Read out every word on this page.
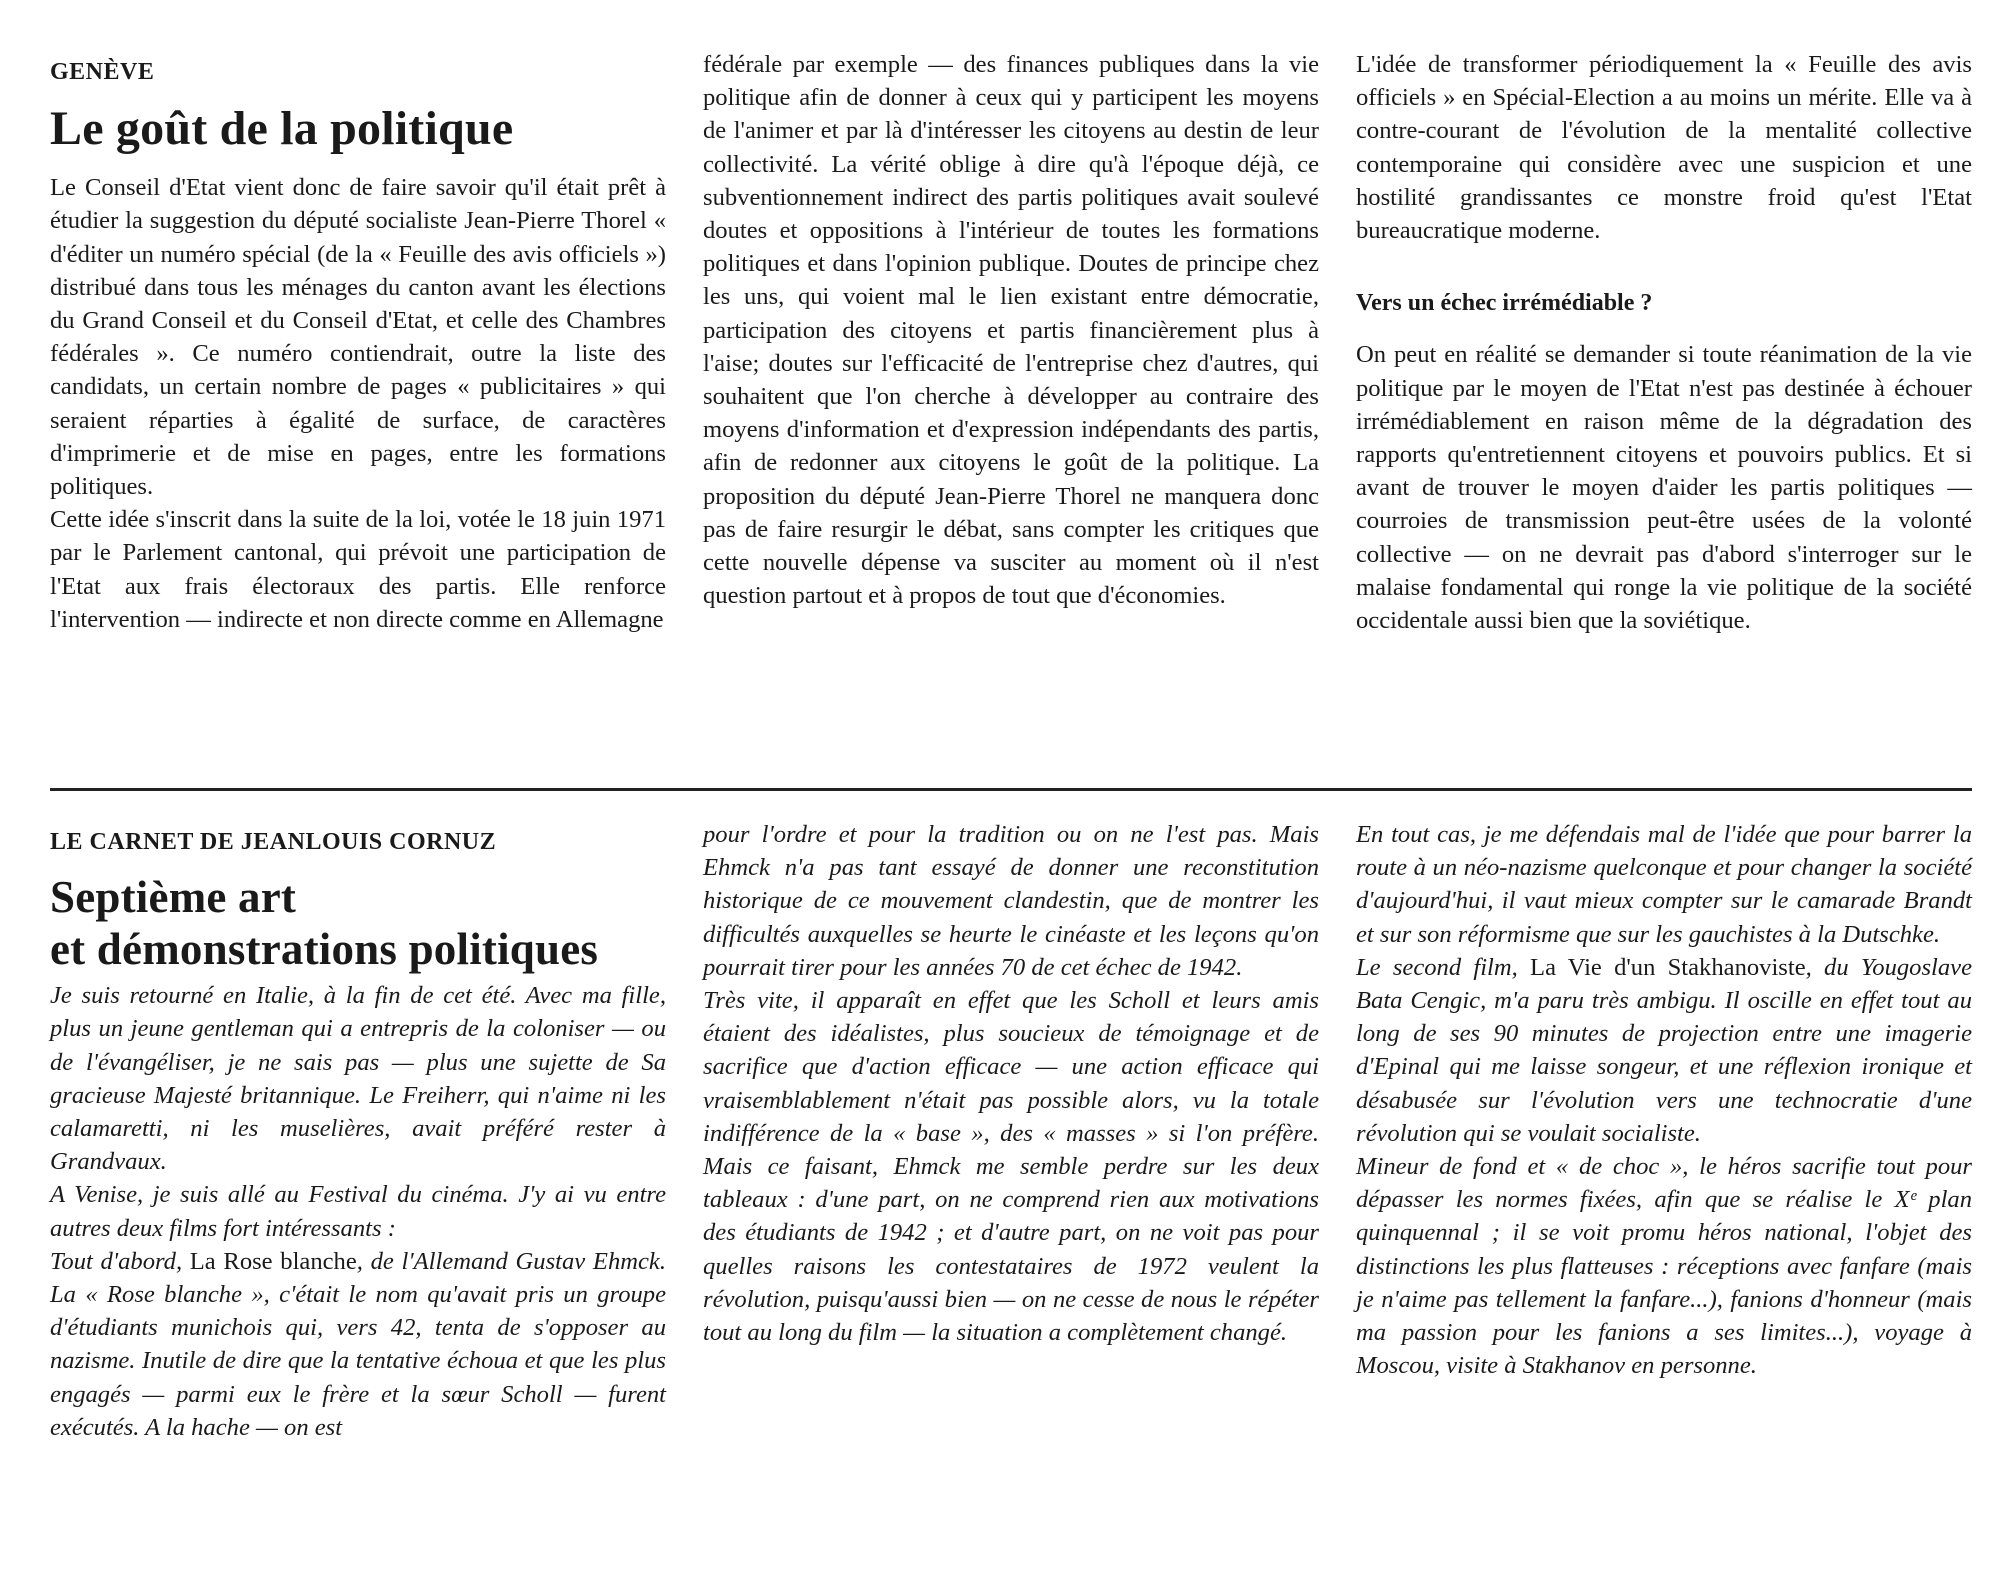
GENÈVE
Le goût de la politique

Le Conseil d'Etat vient donc de faire savoir qu'il était prêt à étudier la suggestion du député socialiste Jean-Pierre Thorel « d'éditer un numéro spécial (de la « Feuille des avis officiels ») distribué dans tous les ménages du canton avant les élections du Grand Conseil et du Conseil d'Etat, et celle des Chambres fédérales ». Ce numéro contiendrait, outre la liste des candidats, un certain nombre de pages « publicitaires » qui seraient réparties à égalité de surface, de caractères d'imprimerie et de mise en pages, entre les formations politiques.

Cette idée s'inscrit dans la suite de la loi, votée le 18 juin 1971 par le Parlement cantonal, qui prévoit une participation de l'Etat aux frais électoraux des partis. Elle renforce l'intervention — indirecte et non directe comme en Allemagne

fédérale par exemple — des finances publiques dans la vie politique afin de donner à ceux qui y participent les moyens de l'animer et par là d'intéresser les citoyens au destin de leur collectivité. La vérité oblige à dire qu'à l'époque déjà, ce subventionnement indirect des partis politiques avait soulevé doutes et oppositions à l'intérieur de toutes les formations politiques et dans l'opinion publique. Doutes de principe chez les uns, qui voient mal le lien existant entre démocratie, participation des citoyens et partis financièrement plus à l'aise; doutes sur l'efficacité de l'entreprise chez d'autres, qui souhaitent que l'on cherche à développer au contraire des moyens d'information et d'expression indépendants des partis, afin de redonner aux citoyens le goût de la politique. La proposition du député Jean-Pierre Thorel ne manquera donc pas de faire resurgir le débat, sans compter les critiques que cette nouvelle dépense va susciter au moment où il n'est question partout et à propos de tout que d'économies.

L'idée de transformer périodiquement la « Feuille des avis officiels » en Spécial-Election a au moins un mérite. Elle va à contre-courant de l'évolution de la mentalité collective contemporaine qui considère avec une suspicion et une hostilité grandissantes ce monstre froid qu'est l'Etat bureaucratique moderne.

Vers un échec irrémédiable ?

On peut en réalité se demander si toute réanimation de la vie politique par le moyen de l'Etat n'est pas destinée à échouer irrémédiablement en raison même de la dégradation des rapports qu'entretiennent citoyens et pouvoirs publics. Et si avant de trouver le moyen d'aider les partis politiques — courroies de transmission peut-être usées de la volonté collective — on ne devrait pas d'abord s'interroger sur le malaise fondamental qui ronge la vie politique de la société occidentale aussi bien que la soviétique.

LE CARNET DE JEANLOUIS CORNUZ
Septième art
et démonstrations politiques

Je suis retourné en Italie, à la fin de cet été. Avec ma fille, plus un jeune gentleman qui a entrepris de la coloniser — ou de l'évangéliser, je ne sais pas — plus une sujette de Sa gracieuse Majesté britannique. Le Freiherr, qui n'aime ni les calamaretti, ni les muselières, avait préféré rester à Grandvaux.

A Venise, je suis allé au Festival du cinéma. J'y ai vu entre autres deux films fort intéressants :

Tout d'abord, La Rose blanche, de l'Allemand Gustav Ehmck. La « Rose blanche », c'était le nom qu'avait pris un groupe d'étudiants munichois qui, vers 42, tenta de s'opposer au nazisme. Inutile de dire que la tentative échoua et que les plus engagés — parmi eux le frère et la sœur Scholl — furent exécutés. A la hache — on est

pour l'ordre et pour la tradition ou on ne l'est pas. Mais Ehmck n'a pas tant essayé de donner une reconstitution historique de ce mouvement clandestin, que de montrer les difficultés auxquelles se heurte le cinéaste et les leçons qu'on pourrait tirer pour les années 70 de cet échec de 1942.

Très vite, il apparaît en effet que les Scholl et leurs amis étaient des idéalistes, plus soucieux de témoignage et de sacrifice que d'action efficace — une action efficace qui vraisemblablement n'était pas possible alors, vu la totale indifférence de la « base », des « masses » si l'on préfère. Mais ce faisant, Ehmck me semble perdre sur les deux tableaux : d'une part, on ne comprend rien aux motivations des étudiants de 1942 ; et d'autre part, on ne voit pas pour quelles raisons les contestataires de 1972 veulent la révolution, puisqu'aussi bien — on ne cesse de nous le répéter tout au long du film — la situation a complètement changé.

En tout cas, je me défendais mal de l'idée que pour barrer la route à un néo-nazisme quelconque et pour changer la société d'aujourd'hui, il vaut mieux compter sur le camarade Brandt et sur son réformisme que sur les gauchistes à la Dutschke.

Le second film, La Vie d'un Stakhanoviste, du Yougoslave Bata Cengic, m'a paru très ambigu. Il oscille en effet tout au long de ses 90 minutes de projection entre une imagerie d'Epinal qui me laisse songeur, et une réflexion ironique et désabusée sur l'évolution vers une technocratie d'une révolution qui se voulait socialiste.

Mineur de fond et « de choc », le héros sacrifie tout pour dépasser les normes fixées, afin que se réalise le Xᵉ plan quinquennal ; il se voit promu héros national, l'objet des distinctions les plus flatteuses : réceptions avec fanfare (mais je n'aime pas tellement la fanfare...), fanions d'honneur (mais ma passion pour les fanions a ses limites...), voyage à Moscou, visite à Stakhanov en personne.
